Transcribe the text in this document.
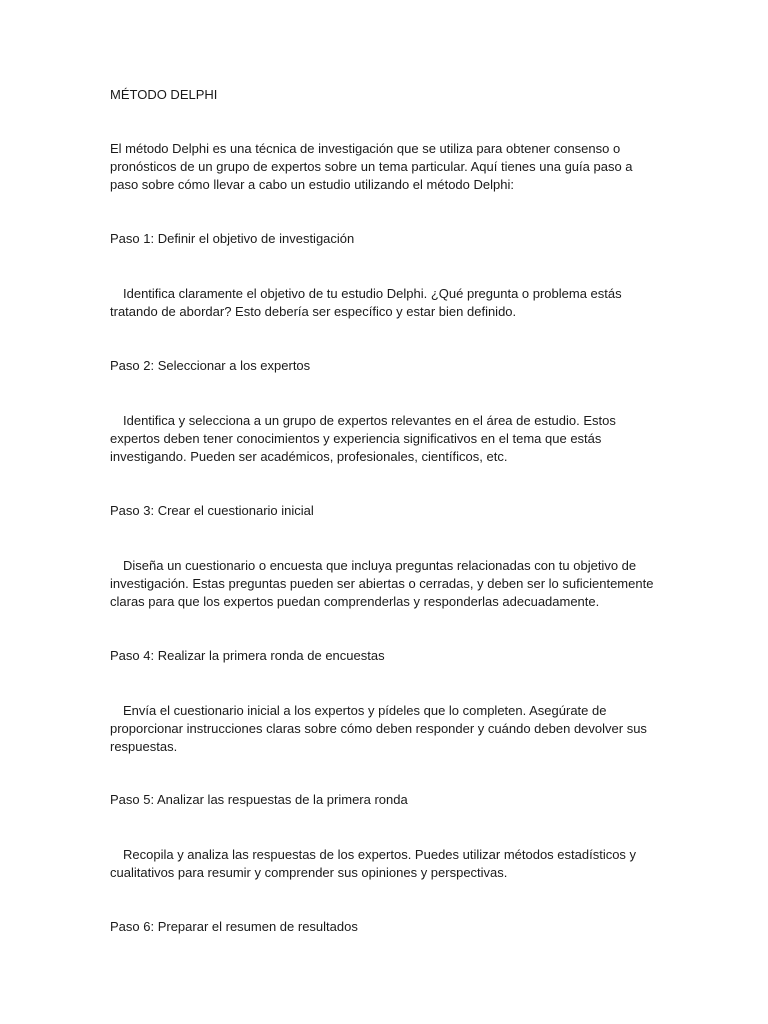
MÉTODO DELPHI
El método Delphi es una técnica de investigación que se utiliza para obtener consenso o pronósticos de un grupo de expertos sobre un tema particular. Aquí tienes una guía paso a paso sobre cómo llevar a cabo un estudio utilizando el método Delphi:
Paso 1: Definir el objetivo de investigación
Identifica claramente el objetivo de tu estudio Delphi. ¿Qué pregunta o problema estás tratando de abordar? Esto debería ser específico y estar bien definido.
Paso 2: Seleccionar a los expertos
Identifica y selecciona a un grupo de expertos relevantes en el área de estudio. Estos expertos deben tener conocimientos y experiencia significativos en el tema que estás investigando. Pueden ser académicos, profesionales, científicos, etc.
Paso 3: Crear el cuestionario inicial
Diseña un cuestionario o encuesta que incluya preguntas relacionadas con tu objetivo de investigación. Estas preguntas pueden ser abiertas o cerradas, y deben ser lo suficientemente claras para que los expertos puedan comprenderlas y responderlas adecuadamente.
Paso 4: Realizar la primera ronda de encuestas
Envía el cuestionario inicial a los expertos y pídeles que lo completen. Asegúrate de proporcionar instrucciones claras sobre cómo deben responder y cuándo deben devolver sus respuestas.
Paso 5: Analizar las respuestas de la primera ronda
Recopila y analiza las respuestas de los expertos. Puedes utilizar métodos estadísticos y cualitativos para resumir y comprender sus opiniones y perspectivas.
Paso 6: Preparar el resumen de resultados
